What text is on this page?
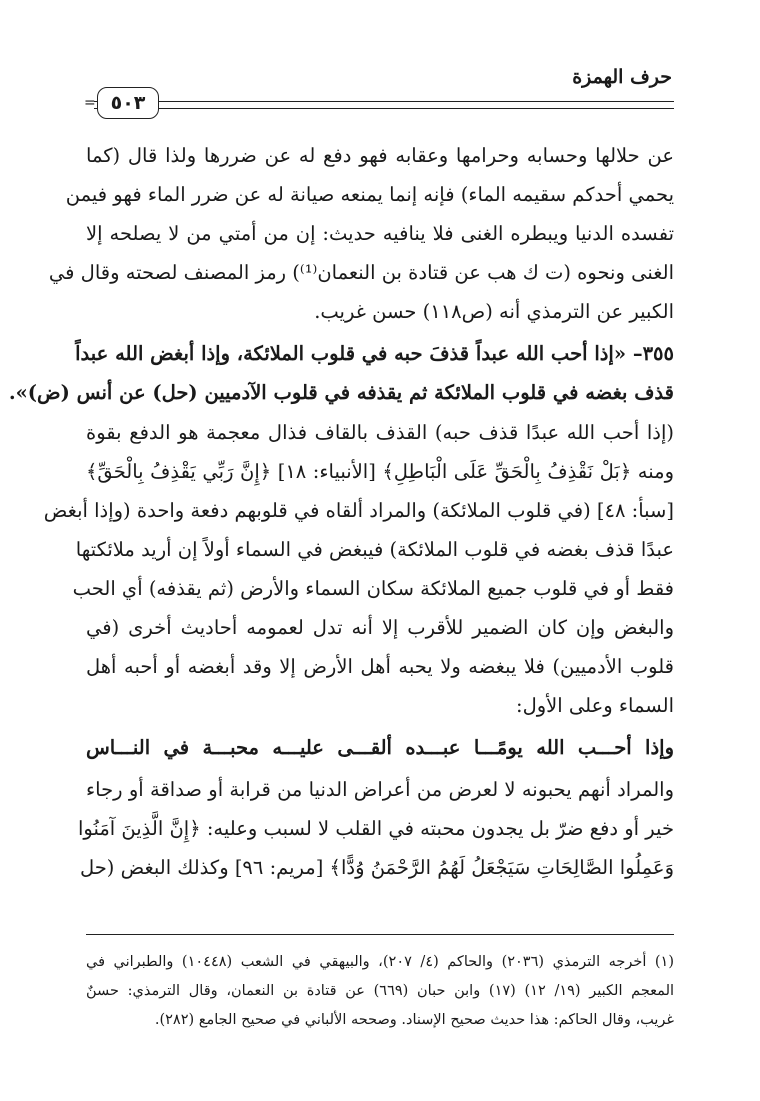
حرف الهمزة
= ٥٠٣
عن حلالها وحسابه وحرامها وعقابه فهو دفع له عن ضررها ولذا قال (كما
يحمي أحدكم سقيمه الماء) فإنه إنما يمنعه صيانة له عن ضرر الماء فهو فيمن
تفسده الدنيا ويبطره الغنى فلا ينافيه حديث: إن من أمتي من لا يصلحه إلا
الغنى ونحوه (ت ك هب عن قتادة بن النعمان⁽¹⁾) رمز المصنف لصحته وقال في
الكبير عن الترمذي أنه (ص١١٨) حسن غريب.
٣٥٥– «إذا أحب الله عبداً قذفَ حبه في قلوب الملائكة، وإذا أبغض الله عبداً
قذف بغضه في قلوب الملائكة ثم يقذفه في قلوب الآدميين (حل) عن أنس (ض)».
(إذا أحب الله عبدًا قذف حبه) القذف بالقاف فذال معجمة هو الدفع بقوة
ومنه ﴿بَلْ نَقْذِفُ بِالْحَقِّ عَلَى الْبَاطِلِ﴾ [الأنبياء: ١٨] ﴿إِنَّ رَبِّي يَقْذِفُ بِالْحَقِّ﴾
[سبأ: ٤٨] (في قلوب الملائكة) والمراد ألقاه في قلوبهم دفعة واحدة (وإذا أبغض
عبدًا قذف بغضه في قلوب الملائكة) فيبغض في السماء أولاً إن أريد ملائكتها
فقط أو في قلوب جميع الملائكة سكان السماء والأرض (ثم يقذفه) أي الحب
والبغض وإن كان الضمير للأقرب إلا أنه تدل لعمومه أحاديث أخرى (في
قلوب الأدميين) فلا يبغضه ولا يحبه أهل الأرض إلا وقد أبغضه أو أحبه أهل
السماء وعلى الأول:
وإذا أحـــب الله يومًـــا عبـــده ألقـــى عليـــه محبـــة في النـــاس
والمراد أنهم يحبونه لا لعرض من أعراض الدنيا من قرابة أو صداقة أو رجاء
خير أو دفع ضرّ بل يجدون محبته في القلب لا لسبب وعليه: ﴿إِنَّ الَّذِينَ آمَنُوا
وَعَمِلُوا الصَّالِحَاتِ سَيَجْعَلُ لَهُمُ الرَّحْمَنُ وُدًّا﴾ [مريم: ٩٦] وكذلك البغض (حل
(١) أخرجه الترمذي (٢٠٣٦) والحاكم (٤/ ٢٠٧)، والبيهقي في الشعب (١٠٤٤٨) والطبراني في
المعجم الكبير (١٩/ ١٢) (١٧) وابن حبان (٦٦٩) عن قتادة بن النعمان، وقال الترمذي: حسنٌ
غريب، وقال الحاكم: هذا حديث صحيح الإسناد. وصححه الألباني في صحيح الجامع (٢٨٢).
